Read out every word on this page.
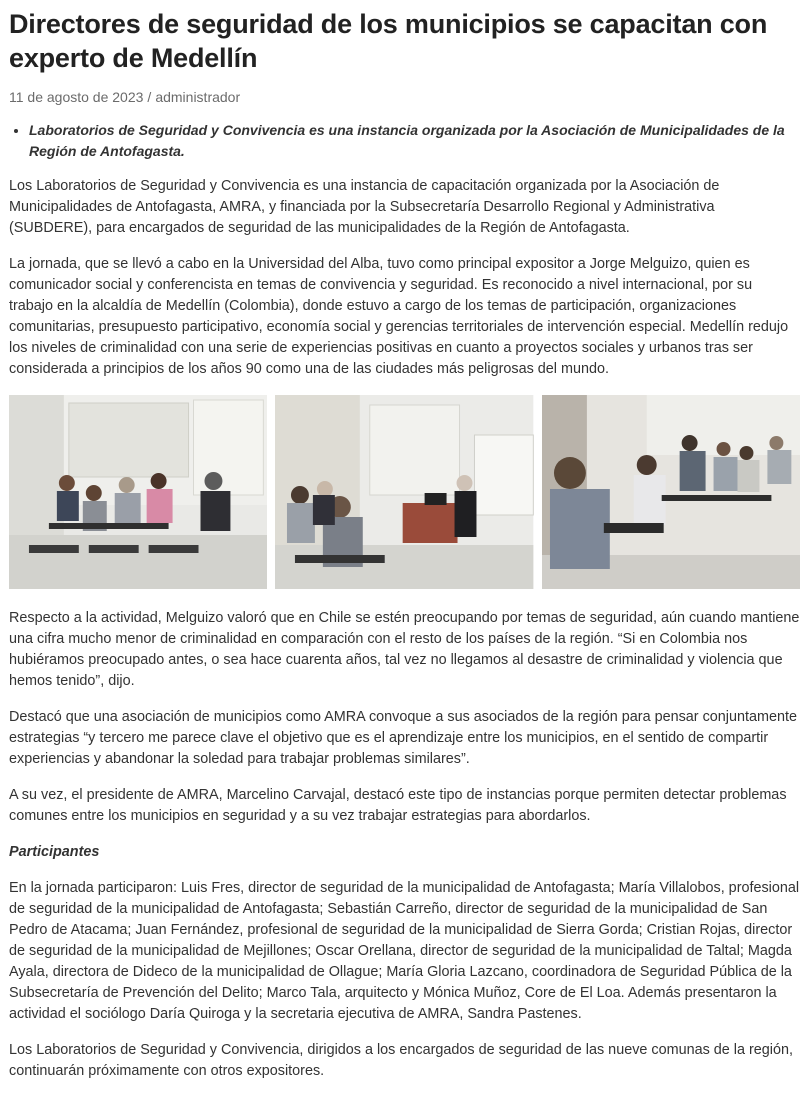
Directores de seguridad de los municipios se capacitan con experto de Medellín
11 de agosto de 2023 / administrador
• Laboratorios de Seguridad y Convivencia es una instancia organizada por la Asociación de Municipalidades de la Región de Antofagasta.

Los Laboratorios de Seguridad y Convivencia es una instancia de capacitación organizada por la Asociación de Municipalidades de Antofagasta, AMRA, y financiada por la Subsecretaría Desarrollo Regional y Administrativa (SUBDERE), para encargados de seguridad de las municipalidades de la Región de Antofagasta.

La jornada, que se llevó a cabo en la Universidad del Alba, tuvo como principal expositor a Jorge Melguizo, quien es comunicador social y conferencista en temas de convivencia y seguridad. Es reconocido a nivel internacional, por su trabajo en la alcaldía de Medellín (Colombia), donde estuvo a cargo de los temas de participación, organizaciones comunitarias, presupuesto participativo, economía social y gerencias territoriales de intervención especial. Medellín redujo los niveles de criminalidad con una serie de experiencias positivas en cuanto a proyectos sociales y urbanos tras ser considerada a principios de los años 90 como una de las ciudades más peligrosas del mundo.

Respecto a la actividad, Melguizo valoró que en Chile se estén preocupando por temas de seguridad, aún cuando mantiene una cifra mucho menor de criminalidad en comparación con el resto de los países de la región. “Si en Colombia nos hubiéramos preocupado antes, o sea hace cuarenta años, tal vez no llegamos al desastre de criminalidad y violencia que hemos tenido”, dijo.

Destacó que una asociación de municipios como AMRA convoque a sus asociados de la región para pensar conjuntamente estrategias “y tercero me parece clave el objetivo que es el aprendizaje entre los municipios, en el sentido de compartir experiencias y abandonar la soledad para trabajar problemas similares”.

A su vez, el presidente de AMRA, Marcelino Carvajal, destacó este tipo de instancias porque permiten detectar problemas comunes entre los municipios en seguridad y a su vez trabajar estrategias para abordarlos.

Participantes

En la jornada participaron: Luis Fres, director de seguridad de la municipalidad de Antofagasta; María Villalobos, profesional de seguridad de la municipalidad de Antofagasta; Sebastián Carreño, director de seguridad de la municipalidad de San Pedro de Atacama; Juan Fernández, profesional de seguridad de la municipalidad de Sierra Gorda; Cristian Rojas, director de seguridad de la municipalidad de Mejillones; Oscar Orellana, director de seguridad de la municipalidad de Taltal; Magda Ayala, directora de Dideco de la municipalidad de Ollague; María Gloria Lazcano, coordinadora de Seguridad Pública de la Subsecretaría de Prevención del Delito; Marco Tala, arquitecto y Mónica Muñoz, Core de El Loa. Además presentaron la actividad el sociólogo Daría Quiroga y la secretaria ejecutiva de AMRA, Sandra Pastenes.

Los Laboratorios de Seguridad y Convivencia, dirigidos a los encargados de seguridad de las nueve comunas de la región, continuarán próximamente con otros expositores.
